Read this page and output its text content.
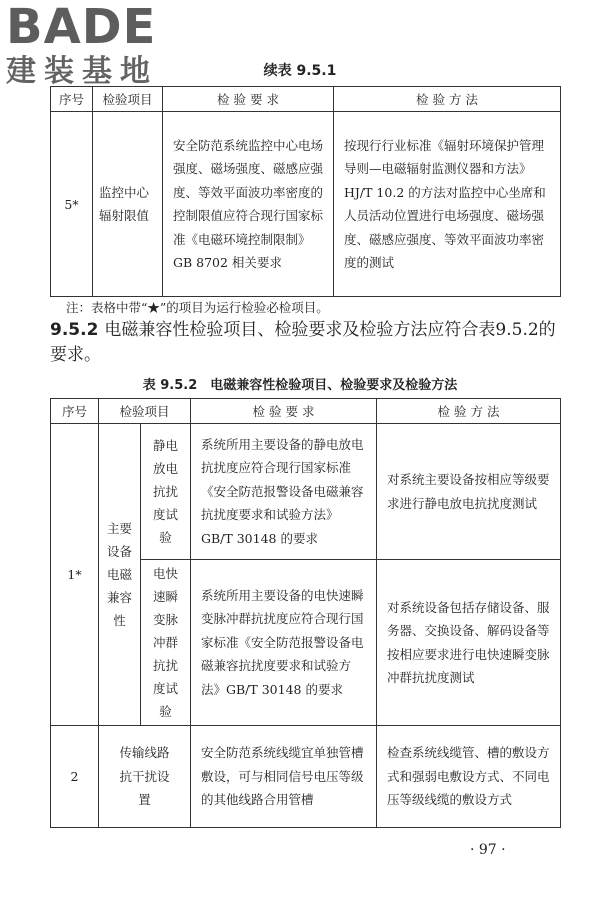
BADE
建装基地	续表 9.5.1
序号	检验项目	检 验 要 求	检 验 方 法
5*	监控中心辐射限值	安全防范系统监控中心电场强度、磁场强度、磁感应强度、等效平面波功率密度的控制限值应符合现行国家标准《电磁环境控制限制》GB 8702 相关要求	按现行行业标准《辐射环境保护管理导则—电磁辐射监测仪器和方法》HJ/T 10.2 的方法对监控中心坐席和人员活动位置进行电场强度、磁场强度、磁感应强度、等效平面波功率密度的测试
注：表格中带“★”的项目为运行检验必检项目。
9.5.2 电磁兼容性检验项目、检验要求及检验方法应符合表9.5.2的要求。
表 9.5.2　电磁兼容性检验项目、检验要求及检验方法
序号	检验项目		检 验 要 求	检 验 方 法
1*	主要设备电磁兼容性	静电放电抗扰度试验	系统所用主要设备的静电放电抗扰度应符合现行国家标准《安全防范报警设备电磁兼容抗扰度要求和试验方法》GB/T 30148 的要求	对系统主要设备按相应等级要求进行静电放电抗扰度测试
		电快速瞬变脉冲群抗扰度试验	系统所用主要设备的电快速瞬变脉冲群抗扰度应符合现行国家标准《安全防范报警设备电磁兼容抗扰度要求和试验方法》GB/T 30148 的要求	对系统设备包括存储设备、服务器、交换设备、解码设备等按相应要求进行电快速瞬变脉冲群抗扰度测试
2	传输线路抗干扰设置		安全防范系统线缆宜单独管槽敷设，可与相同信号电压等级的其他线路合用管槽	检查系统线缆管、槽的敷设方式和强弱电敷设方式、不同电压等级线缆的敷设方式
· 97 ·
